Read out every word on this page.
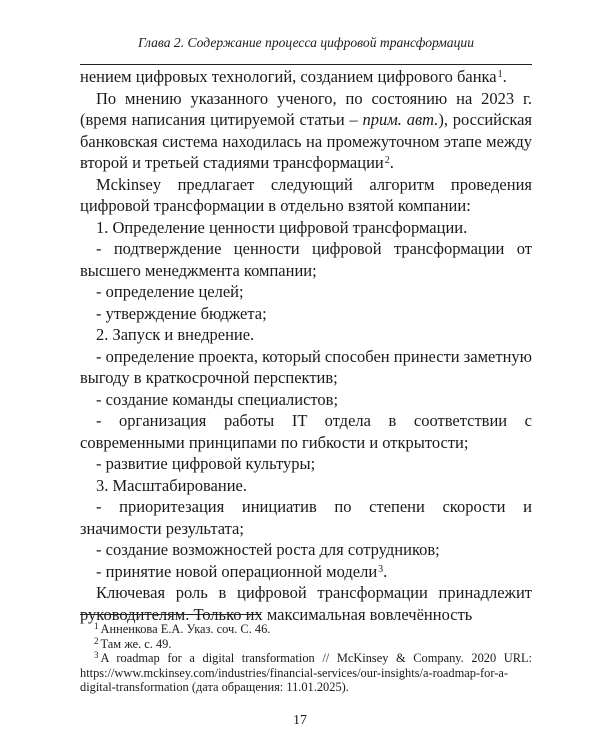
Глава 2. Содержание процесса цифровой трансформации

нением цифровых технологий, созданием цифрового банка$^1$.

По мнению указанного ученого, по состоянию на 2023 г. (время написания цитируемой статьи – прим. авт.), российская банковская система находилась на промежуточном этапе между второй и третьей стадиями трансформации$^2$.

Mckinsey предлагает следующий алгоритм проведения цифровой трансформации в отдельно взятой компании:

1. Определение ценности цифровой трансформации.

- подтверждение ценности цифровой трансформации от высшего менеджмента компании;

- определение целей;

- утверждение бюджета;

2. Запуск и внедрение.

- определение проекта, который способен принести заметную выгоду в краткосрочной перспектив;

- создание команды специалистов;

- организация работы IT отдела в соответствии с современными принципами по гибкости и открытости;

- развитие цифровой культуры;

3. Масштабирование.

- приоритезация инициатив по степени скорости и значимости результата;

- создание возможностей роста для сотрудников;

- принятие новой операционной модели$^3$.

Ключевая роль в цифровой трансформации принадлежит руководителям. Только их максимальная вовлечённость

$^1$ Анненкова Е.А. Указ. соч. С. 46.

$^2$ Там же. с. 49.

$^3$ A roadmap for a digital transformation // McKinsey & Company. 2020 URL: https://www.mckinsey.com/industries/financial-services/our-insights/a-roadmap-for-a-digital-transformation (дата обращения: 11.01.2025).

17
